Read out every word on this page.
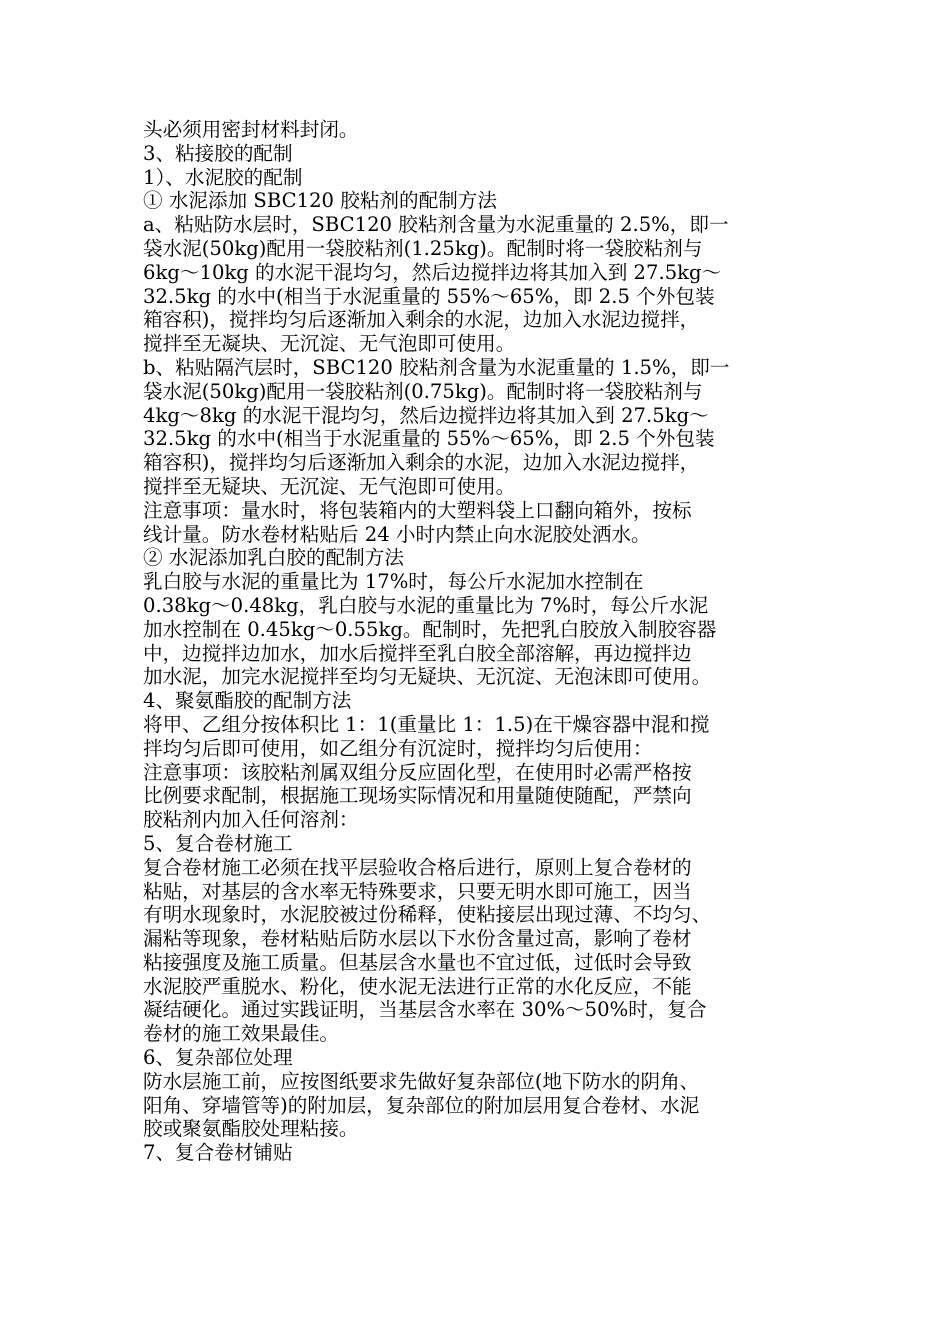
头必须用密封材料封闭。
3、粘接胶的配制
1）、水泥胶的配制
① 水泥添加 SBC120 胶粘剂的配制方法
a、粘贴防水层时，SBC120 胶粘剂含量为水泥重量的 2.5%，即一
袋水泥(50kg)配用一袋胶粘剂(1.25kg)。配制时将一袋胶粘剂与
6kg～10kg 的水泥干混均匀，然后边搅拌边将其加入到 27.5kg～
32.5kg 的水中(相当于水泥重量的 55%～65%，即 2.5 个外包装
箱容积)，搅拌均匀后逐渐加入剩余的水泥，边加入水泥边搅拌，
搅拌至无凝块、无沉淀、无气泡即可使用。
b、粘贴隔汽层时，SBC120 胶粘剂含量为水泥重量的 1.5%，即一
袋水泥(50kg)配用一袋胶粘剂(0.75kg)。配制时将一袋胶粘剂与
4kg～8kg 的水泥干混均匀，然后边搅拌边将其加入到 27.5kg～
32.5kg 的水中(相当于水泥重量的 55%～65%，即 2.5 个外包装
箱容积)，搅拌均匀后逐渐加入剩余的水泥，边加入水泥边搅拌，
搅拌至无疑块、无沉淀、无气泡即可使用。
注意事项：量水时，将包装箱内的大塑料袋上口翻向箱外，按标
线计量。防水卷材粘贴后 24 小时内禁止向水泥胶处洒水。
② 水泥添加乳白胶的配制方法
乳白胶与水泥的重量比为 17%时，每公斤水泥加水控制在
0.38kg～0.48kg，乳白胶与水泥的重量比为 7%时，每公斤水泥
加水控制在 0.45kg～0.55kg。配制时，先把乳白胶放入制胶容器
中，边搅拌边加水，加水后搅拌至乳白胶全部溶解，再边搅拌边
加水泥，加完水泥搅拌至均匀无疑块、无沉淀、无泡沫即可使用。
4、聚氨酯胶的配制方法
将甲、乙组分按体积比 1：1(重量比 1：1.5)在干燥容器中混和搅
拌均匀后即可使用，如乙组分有沉淀时，搅拌均匀后使用：
注意事项：该胶粘剂属双组分反应固化型，在使用时必需严格按
比例要求配制，根据施工现场实际情况和用量随使随配，严禁向
胶粘剂内加入任何溶剂：
5、复合卷材施工
复合卷材施工必须在找平层验收合格后进行，原则上复合卷材的
粘贴，对基层的含水率无特殊要求，只要无明水即可施工，因当
有明水现象时，水泥胶被过份稀释，使粘接层出现过薄、不均匀、
漏粘等现象，卷材粘贴后防水层以下水份含量过高，影响了卷材
粘接强度及施工质量。但基层含水量也不宜过低，过低时会导致
水泥胶严重脱水、粉化，使水泥无法进行正常的水化反应，不能
凝结硬化。通过实践证明，当基层含水率在 30%～50%时，复合
卷材的施工效果最佳。
6、复杂部位处理
防水层施工前，应按图纸要求先做好复杂部位(地下防水的阴角、
阳角、穿墙管等)的附加层，复杂部位的附加层用复合卷材、水泥
胶或聚氨酯胶处理粘接。
7、复合卷材铺贴
